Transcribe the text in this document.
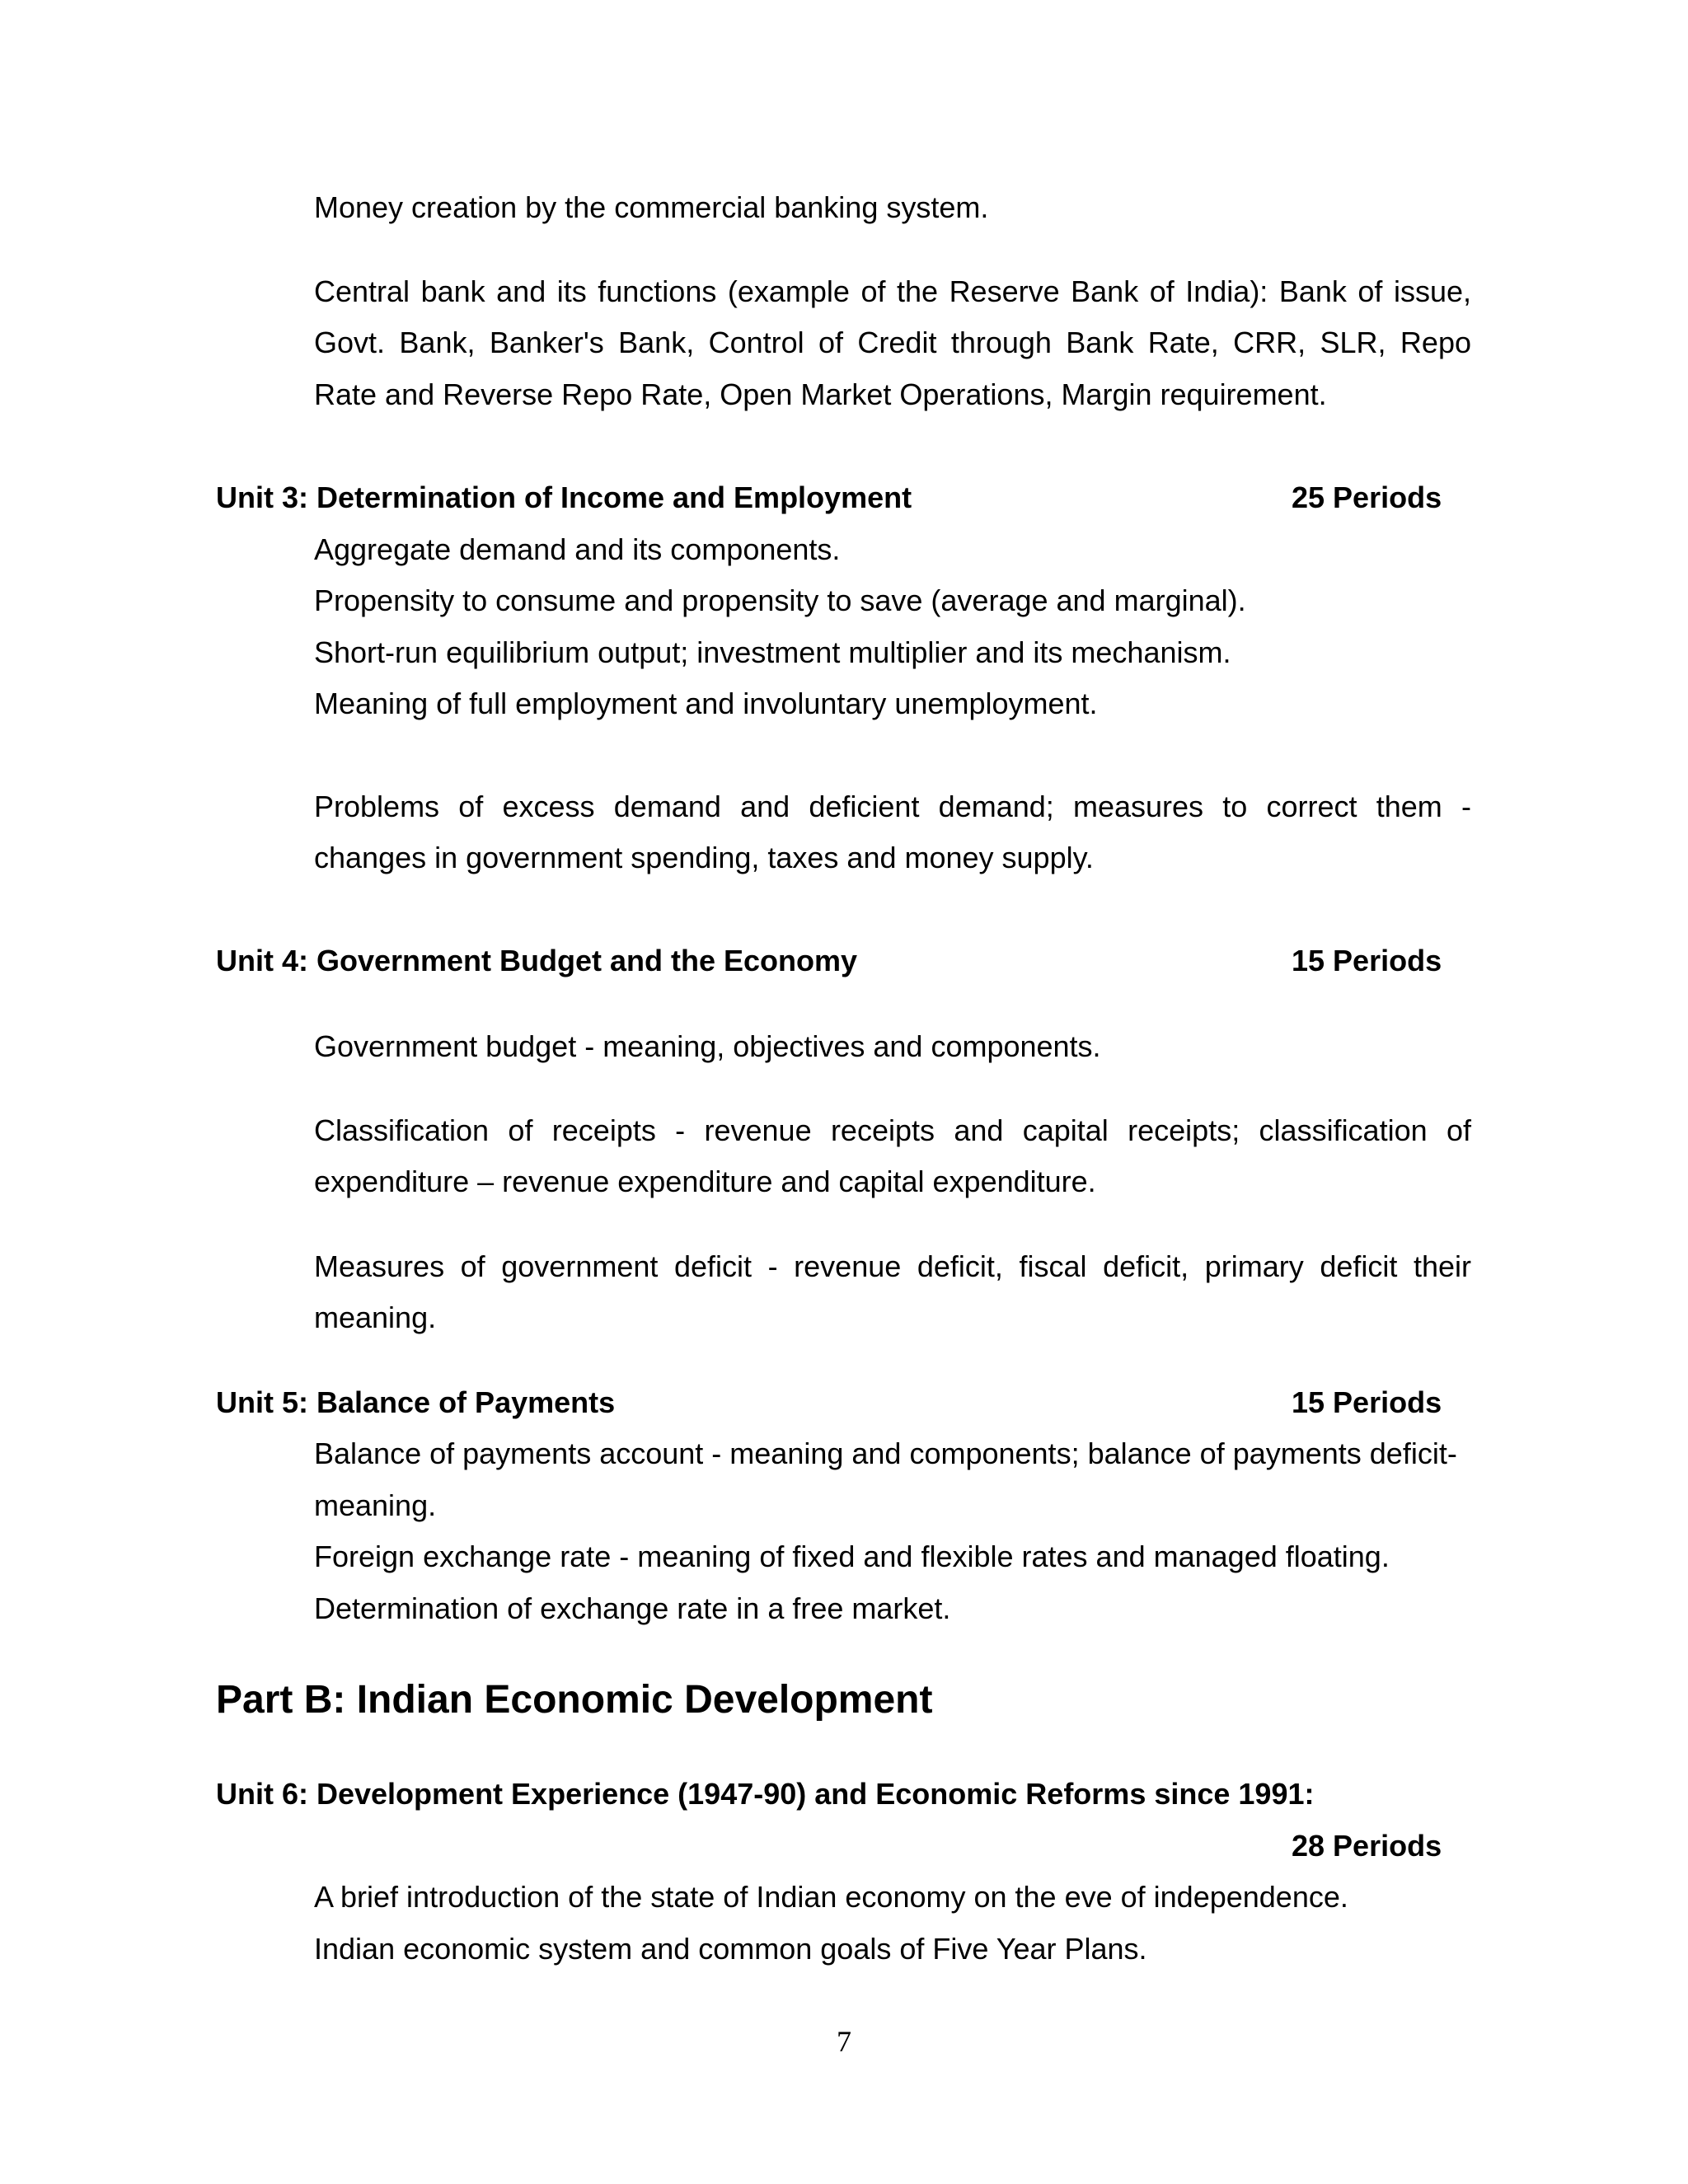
Money creation by the commercial banking system.
Central bank and its functions (example of the Reserve Bank of India): Bank of issue,
Govt. Bank, Banker's Bank, Control of Credit through Bank Rate, CRR, SLR, Repo
Rate and Reverse Repo Rate, Open Market Operations, Margin requirement.
Unit 3: Determination of Income and Employment	25 Periods
Aggregate demand and its components.
Propensity to consume and propensity to save (average and marginal).
Short-run equilibrium output; investment multiplier and its mechanism.
Meaning of full employment and involuntary unemployment.
Problems of excess demand and deficient demand; measures to correct them -
changes in government spending, taxes and money supply.
Unit 4: Government Budget and the Economy	15 Periods
Government budget - meaning, objectives and components.
Classification of receipts - revenue receipts and capital receipts; classification of
expenditure – revenue expenditure and capital expenditure.
Measures of government deficit - revenue deficit, fiscal deficit, primary deficit their
meaning.
Unit 5: Balance of Payments	15 Periods
Balance of payments account - meaning and components; balance of payments deficit-
meaning.
Foreign exchange rate - meaning of fixed and flexible rates and managed floating.
Determination of exchange rate in a free market.
Part B: Indian Economic Development
Unit 6: Development Experience (1947-90) and Economic Reforms since 1991:
28 Periods
A brief introduction of the state of Indian economy on the eve of independence.
Indian economic system and common goals of Five Year Plans.
7
